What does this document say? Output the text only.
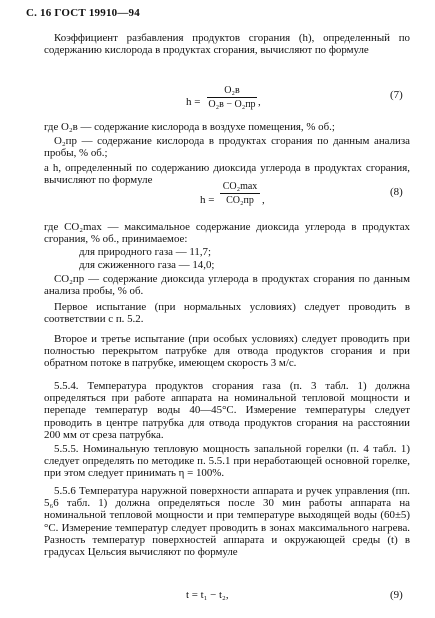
С. 16 ГОСТ 19910—94
Коэффициент разбавления продуктов сгорания (h), определенный по содержанию кислорода в продуктах сгорания, вычисляют по формуле
h =
O₂в
O₂в − O₂пр ,
(7)
где O₂в — содержание кислорода в воздухе помещения, % об.;
O₂пр — содержание кислорода в продуктах сгорания по данным анализа пробы, % об.;
а h, определенный по содержанию диоксида углерода в продуктах сгорания, вычисляют по формуле
h =
CO₂max
CO₂пр ,
(8)
где CO₂max — максимальное содержание диоксида углерода в продуктах сгорания, % об., принимаемое:
для природного газа — 11,7;
для сжиженного газа — 14,0;
CO₂пр — содержание диоксида углерода в продуктах сгорания по данным анализа пробы, % об.
Первое испытание (при нормальных условиях) следует проводить в соответствии с п. 5.2.
Второе и третье испытание (при особых условиях) следует проводить при полностью перекрытом патрубке для отвода продуктов сгорания и при обратном потоке в патрубке, имеющем скорость 3 м/с.
5.5.4. Температура продуктов сгорания газа (п. 3 табл. 1) должна определяться при работе аппарата на номинальной тепловой мощности и перепаде температур воды 40—45°С. Измерение температуры следует проводить в центре патрубка для отвода продуктов сгорания на расстоянии 200 мм от среза патрубка.
5.5.5. Номинальную тепловую мощность запальной горелки (п. 4 табл. 1) следует определять по методике п. 5.5.1 при неработающей основной горелке, при этом следует принимать η = 100%.
5.5.6 Температура наружной поверхности аппарата и ручек управления (пп. 5₆6 табл. 1) должна определяться после 30 мин работы аппарата на номинальной тепловой мощности и при температуре выходящей воды (60±5)°С. Измерение температур следует проводить в зонах максимального нагрева. Разность температур поверхностей аппарата и окружающей среды (t) в градусах Цельсия вычисляют по формуле
t = t₁ − t₂,	(9)
